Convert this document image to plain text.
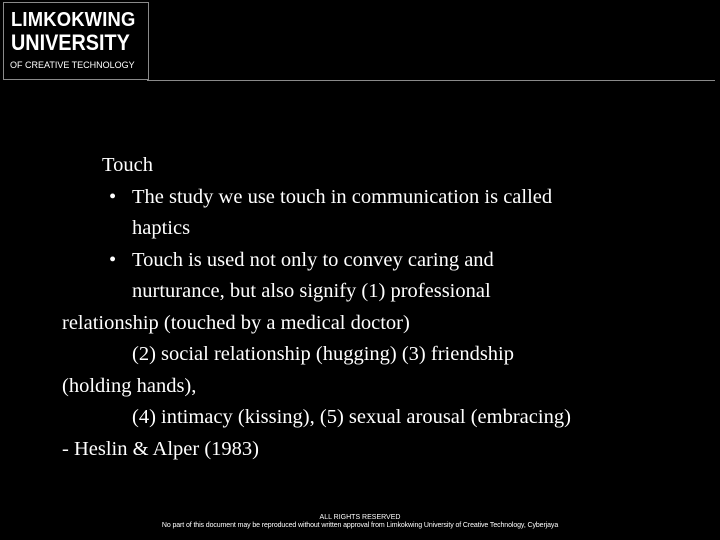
LIMKOKWING
UNIVERSITY
OF CREATIVE TECHNOLOGY
Touch
• The study we use touch in communication is called
haptics
• Touch is used not only to convey caring and
nurturance, but also signify (1) professional
relationship (touched by a medical doctor)
(2) social relationship (hugging) (3) friendship
(holding hands),
(4) intimacy (kissing), (5) sexual arousal (embracing)
- Heslin & Alper (1983)
ALL RIGHTS RESERVED
No part of this document may be reproduced without written approval from Limkokwing University of Creative Technology, Cyberjaya
